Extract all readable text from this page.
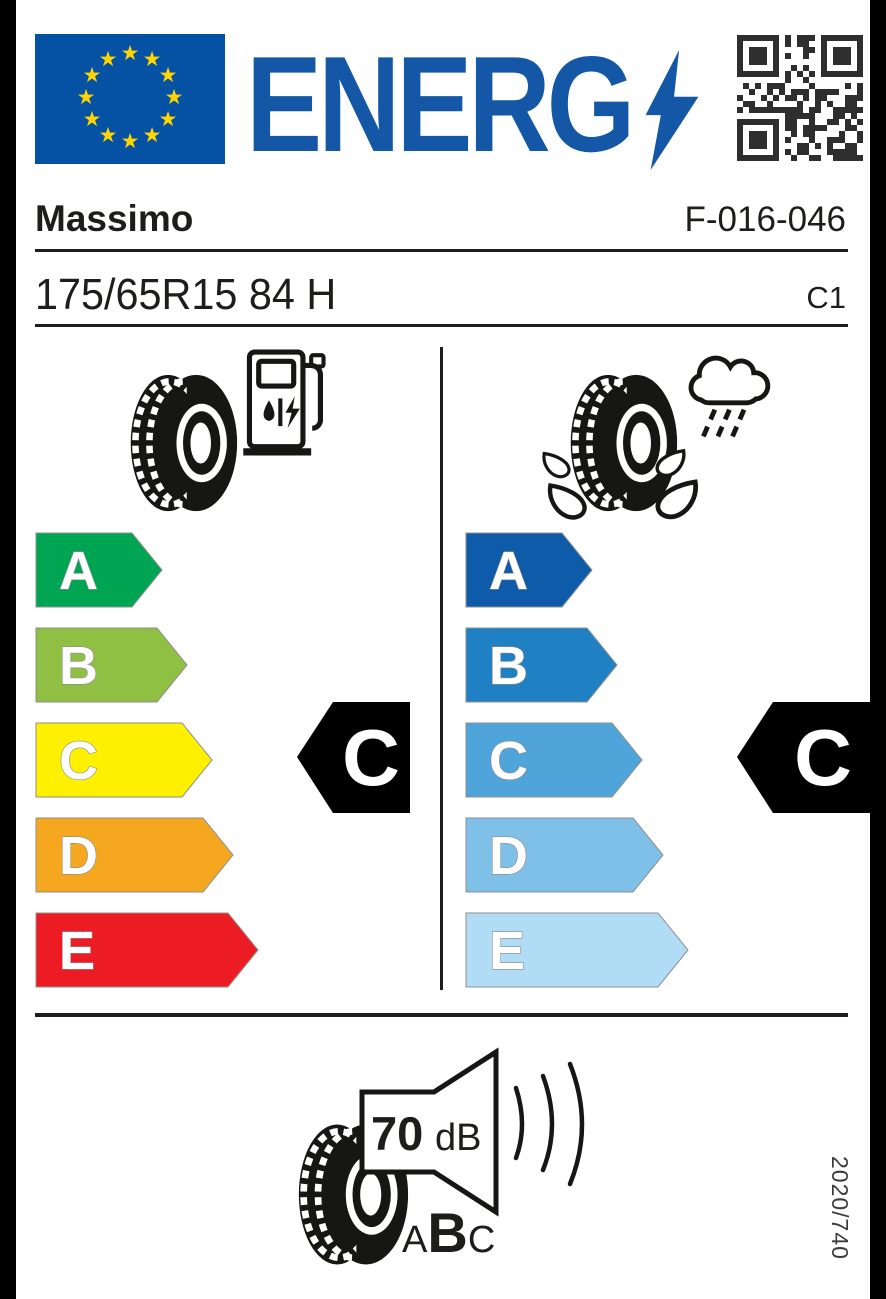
★ ★
★
★
★
★
★
★
★
★
★
★ ENERG
Massimo	F-016-046
175/65R15 84 H	C1
A
B
C
D
E
A
B
C
D
E
C	C
70 dB
ABC	2020/740
